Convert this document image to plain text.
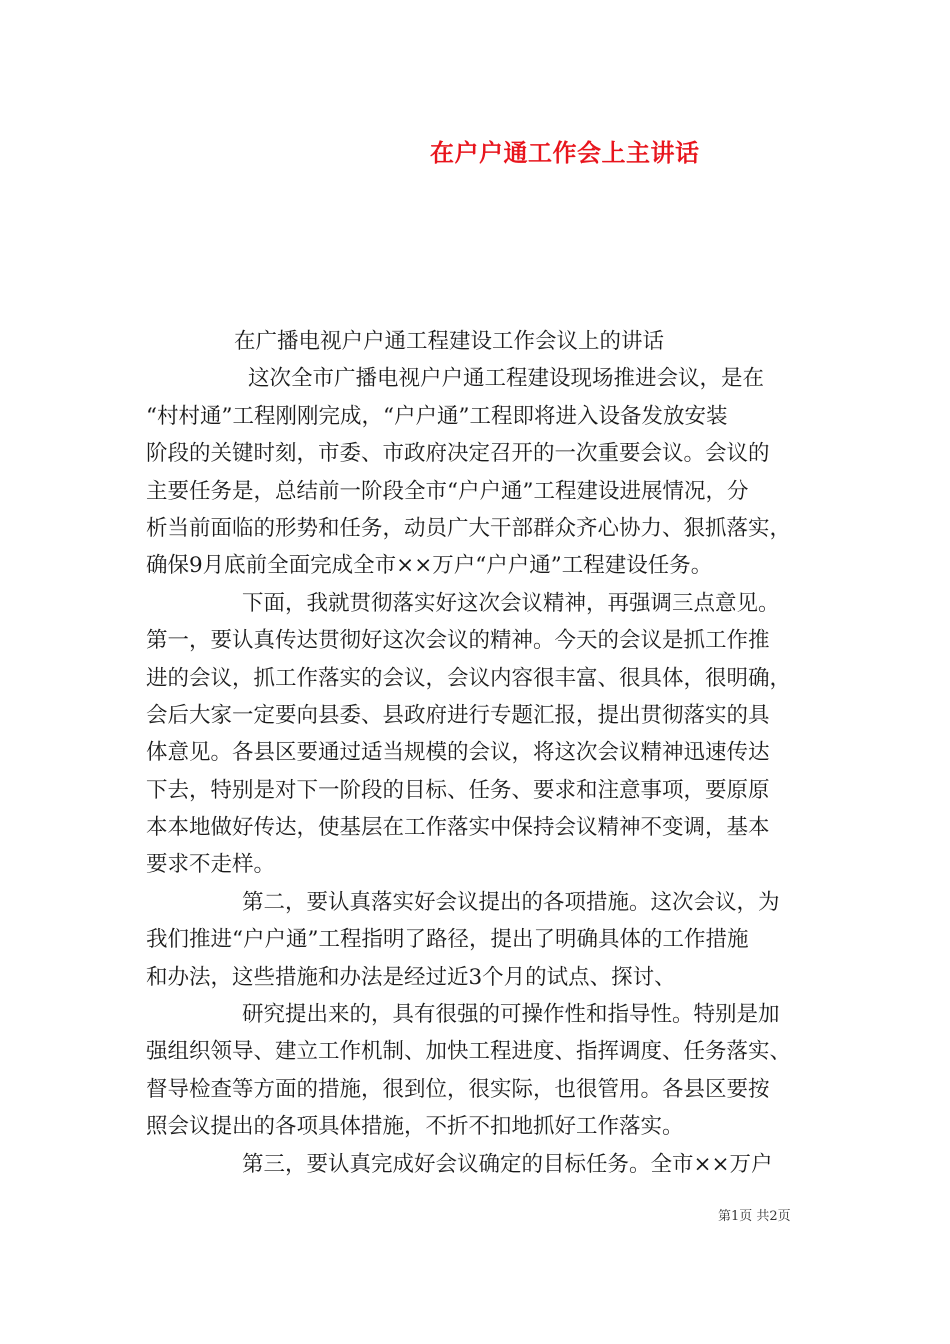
在户户通工作会上主讲话
在广播电视户户通工程建设工作会议上的讲话
这次全市广播电视户户通工程建设现场推进会议，是在
“村村通”工程刚刚完成，“户户通”工程即将进入设备发放安装
阶段的关键时刻，市委、市政府决定召开的一次重要会议。会议的
主要任务是，总结前一阶段全市“户户通”工程建设进展情况，分
析当前面临的形势和任务，动员广大干部群众齐心协力、狠抓落实，
确保9月底前全面完成全市××万户“户户通”工程建设任务。
下面，我就贯彻落实好这次会议精神，再强调三点意见。
第一，要认真传达贯彻好这次会议的精神。今天的会议是抓工作推
进的会议，抓工作落实的会议，会议内容很丰富、很具体，很明确，
会后大家一定要向县委、县政府进行专题汇报，提出贯彻落实的具
体意见。各县区要通过适当规模的会议，将这次会议精神迅速传达
下去，特别是对下一阶段的目标、任务、要求和注意事项，要原原
本本地做好传达，使基层在工作落实中保持会议精神不变调，基本
要求不走样。
第二，要认真落实好会议提出的各项措施。这次会议，为
我们推进“户户通”工程指明了路径，提出了明确具体的工作措施
和办法，这些措施和办法是经过近3个月的试点、探讨、
研究提出来的，具有很强的可操作性和指导性。特别是加
强组织领导、建立工作机制、加快工程进度、指挥调度、任务落实、
督导检查等方面的措施，很到位，很实际，也很管用。各县区要按
照会议提出的各项具体措施，不折不扣地抓好工作落实。
第三，要认真完成好会议确定的目标任务。全市××万户
第1页 共2页
